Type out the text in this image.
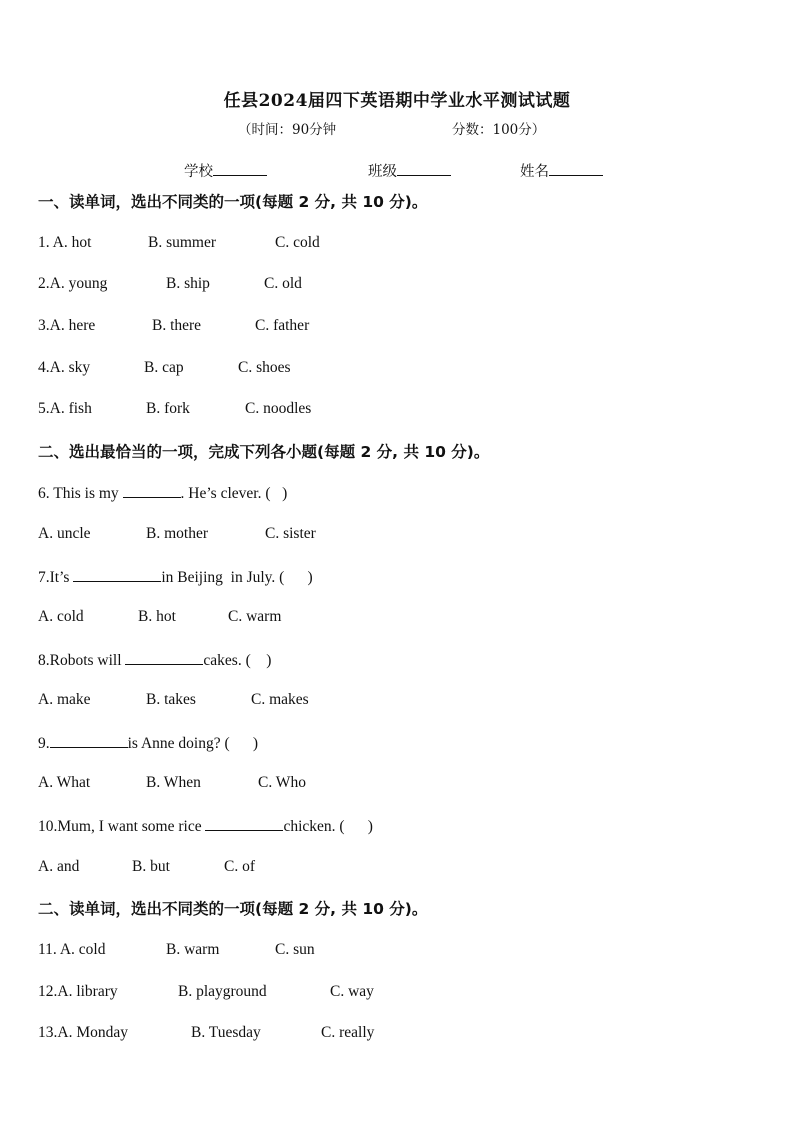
任县2024届四下英语期中学业水平测试试题
（时间：90分钟	分数：100分）
学校	班级	姓名
一、读单词，选出不同类的一项(每题 2 分, 共 10 分)。
1. A. hot	B. summer	C. cold
2.A. young	B. ship	C. old
3.A. here	B. there	C. father
4.A. sky	B. cap	C. shoes
5.A. fish	B. fork	C. noodles
二、选出最恰当的一项，完成下列各小题(每题 2 分, 共 10 分)。
6. This is my	. He’s clever. (   )
A. uncle	B. mother	C. sister
7.It’s	in Beijing  in July. (      )
A. cold	B. hot	C. warm
8.Robots will	cakes. (    )
A. make	B. takes	C. makes
9.	is Anne doing? (      )
A. What	B. When	C. Who
10.Mum, I want some rice	chicken. (      )
A. and	B. but	C. of
二、读单词，选出不同类的一项(每题 2 分, 共 10 分)。
11. A. cold	B. warm	C. sun
12.A. library	B. playground	C. way
13.A. Monday	B. Tuesday	C. really
